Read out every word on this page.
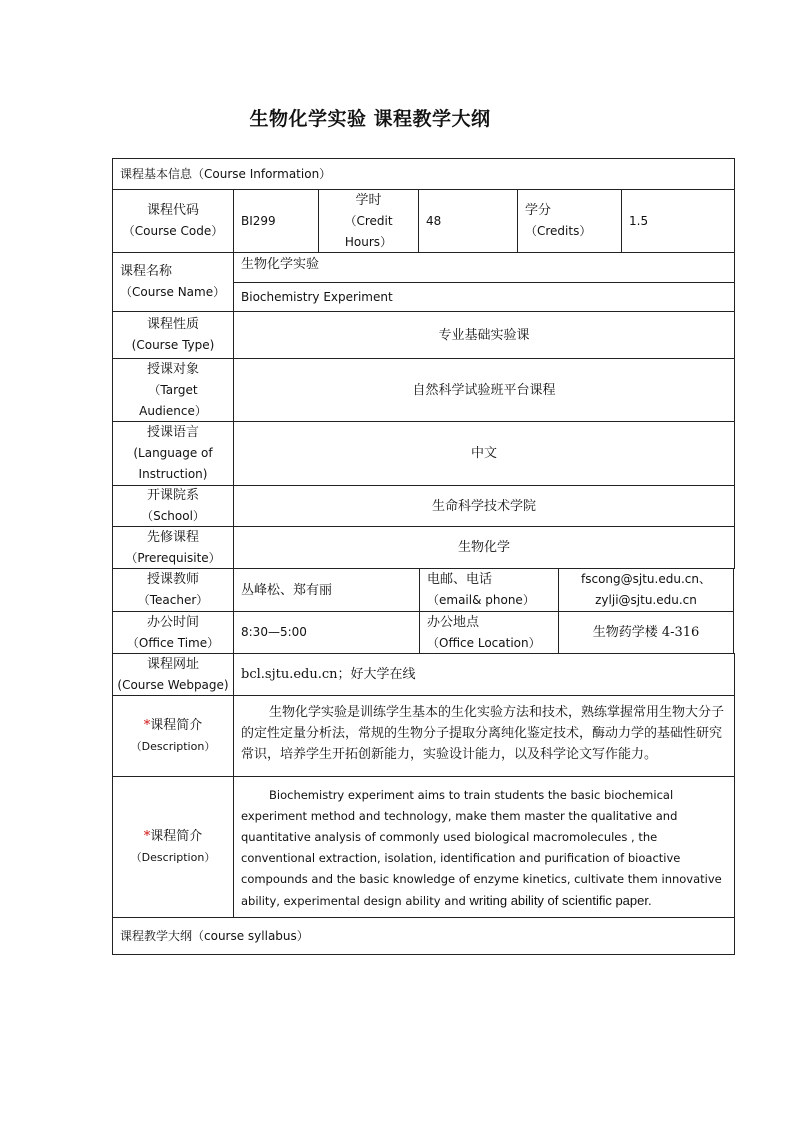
生物化学实验 课程教学大纲
课程基本信息（Course Information）
课程代码
（Course Code）
BI299
学时
（Credit
Hours）
48
学分
（Credits）
1.5
课程名称
（Course Name）
生物化学实验
Biochemistry Experiment
课程性质
(Course Type)
专业基础实验课
授课对象
（Target
Audience）
自然科学试验班平台课程
授课语言
(Language of
Instruction)
中文
开课院系
（School）
生命科学技术学院
先修课程
（Prerequisite）
生物化学
授课教师
（Teacher）
丛峰松、郑有丽
电邮、电话
（email& phone）
fscong@sjtu.edu.cn、
zylji@sjtu.edu.cn
办公时间
（Office Time）
8:30—5:00
办公地点
（Office Location）
生物药学楼 4-316
课程网址
(Course Webpage)
bcl.sjtu.edu.cn；好大学在线
*课程简介
（Description）
生物化学实验是训练学生基本的生化实验方法和技术，熟练掌握常用生物大分子的定性定量分析法，常规的生物分子提取分离纯化鉴定技术，酶动力学的基础性研究常识，培养学生开拓创新能力，实验设计能力，以及科学论文写作能力。
*课程简介
（Description）
Biochemistry experiment aims to train students the basic biochemical experiment method and technology, make them master the qualitative and quantitative analysis of commonly used biological macromolecules , the conventional extraction, isolation, identification and purification of bioactive compounds and the basic knowledge of enzyme kinetics, cultivate them innovative ability, experimental design ability and writing ability of scientific paper.
课程教学大纲（course syllabus）
